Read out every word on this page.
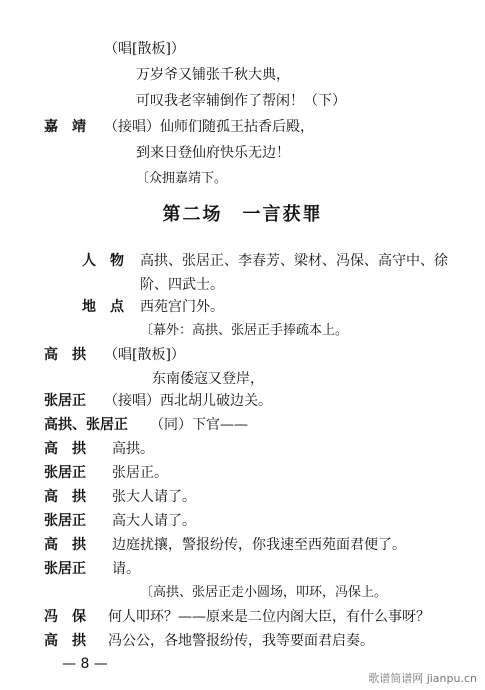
（唱[散板]）
万岁爷又铺张千秋大典，
可叹我老宰辅倒作了帮闲！（下）
嘉　靖 （接唱）仙师们随孤王拈香后殿，
到来日登仙府快乐无边！
〔众拥嘉靖下。
第二场　一言获罪
人　物 高拱、张居正、李春芳、梁材、冯保、高守中、徐
阶、四武士。
地　点 西苑宫门外。
〔幕外：高拱、张居正手捧疏本上。
高　拱 （唱[散板]）
东南倭寇又登岸，
张居正 （接唱）西北胡儿破边关。
高拱、张居正 （同）下官——
高　拱 高拱。
张居正 张居正。
高　拱 张大人请了。
张居正 高大人请了。
高　拱 边庭扰攘，警报纷传，你我速至西苑面君便了。
张居正 请。
〔高拱、张居正走小圆场，叩环，冯保上。
冯　保 何人叩环？——原来是二位内阁大臣，有什么事呀？
高　拱 冯公公，各地警报纷传，我等要面君启奏。
— 8 —
歌谱简谱网 jianpu.cn
